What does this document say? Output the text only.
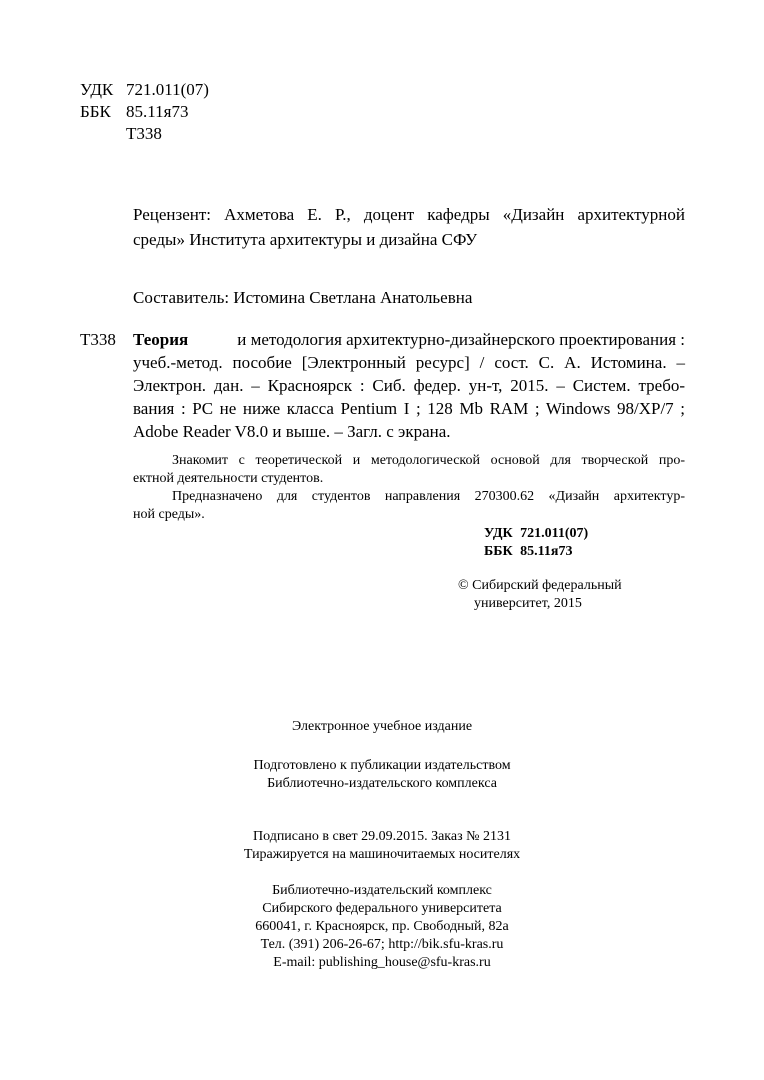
УДК 721.011(07)
ББК 85.11я73
Т338
Рецензент: Ахметова Е. Р., доцент кафедры «Дизайн архитектурной
среды» Института архитектуры и дизайна СФУ
Составитель: Истомина Светлана Анатольевна
Т338 Теория	и методология архитектурно-дизайнерского проектирования :
учеб.-метод. пособие [Электронный ресурс] / сост. С. А. Истомина. –
Электрон. дан. – Красноярск : Сиб. федер. ун-т, 2015. – Систем. требо-
вания : PC не ниже класса Pentium I ; 128 Mb RAM ; Windows 98/XP/7 ;
Adobe Reader V8.0 и выше. – Загл. с экрана.
Знакомит с теоретической и методологической основой для творческой про-
ектной деятельности студентов.
Предназначено для студентов направления 270300.62 «Дизайн архитектур-
ной среды».
УДК 721.011(07)
ББК 85.11я73
© Сибирский федеральный
университет, 2015
Электронное учебное издание
Подготовлено к публикации издательством
Библиотечно-издательского комплекса
Подписано в свет 29.09.2015. Заказ № 2131
Тиражируется на машиночитаемых носителях
Библиотечно-издательский комплекс
Сибирского федерального университета
660041, г. Красноярск, пр. Свободный, 82а
Тел. (391) 206-26-67; http://bik.sfu-kras.ru
E-mail: publishing_house@sfu-kras.ru
